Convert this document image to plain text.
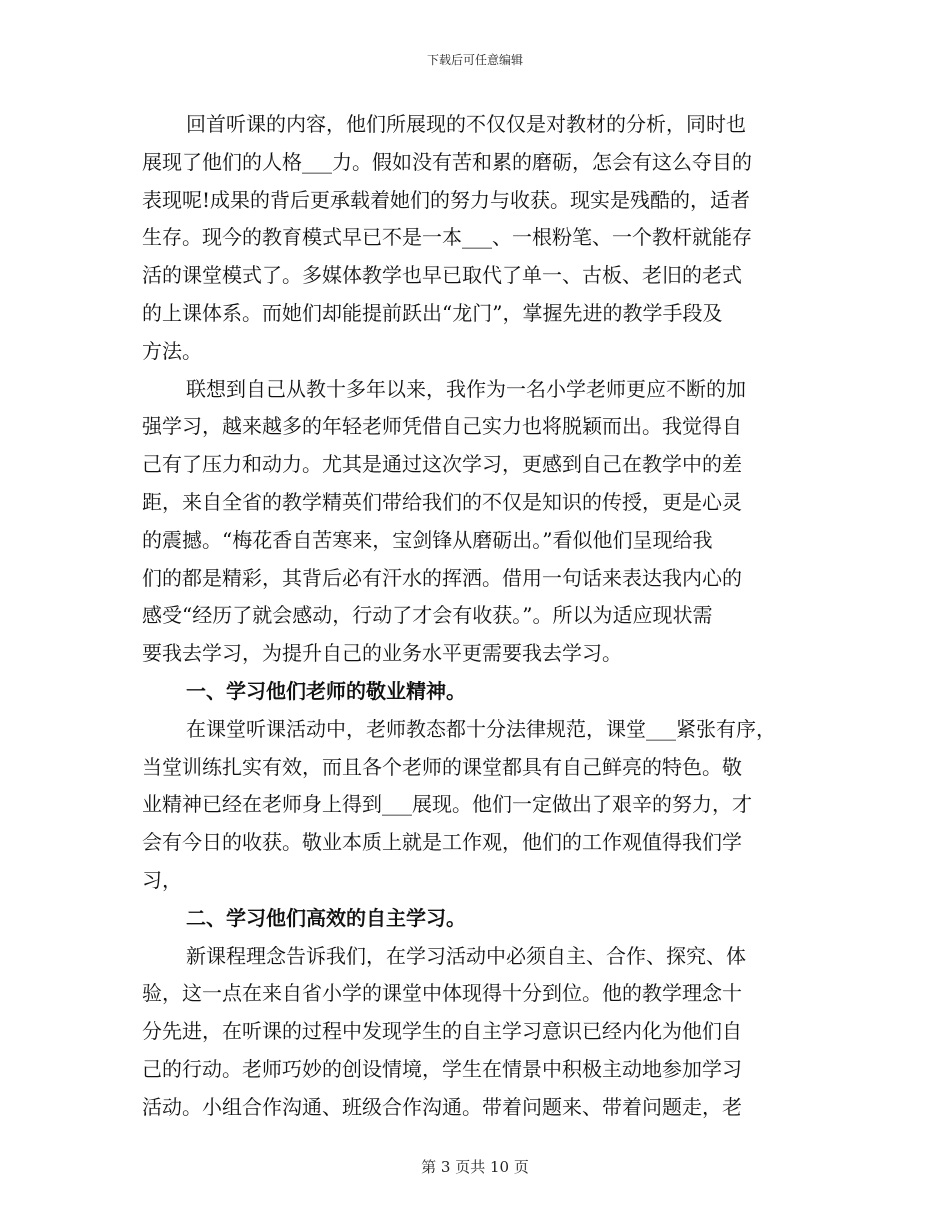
下载后可任意编辑
回首听课的内容，他们所展现的不仅仅是对教材的分析，同时也
展现了他们的人格___力。假如没有苦和累的磨砺，怎会有这么夺目的
表现呢!成果的背后更承载着她们的努力与收获。现实是残酷的，适者
生存。现今的教育模式早已不是一本___、一根粉笔、一个教杆就能存
活的课堂模式了。多媒体教学也早已取代了单一、古板、老旧的老式
的上课体系。而她们却能提前跃出“龙门”，掌握先进的教学手段及
方法。
联想到自己从教十多年以来，我作为一名小学老师更应不断的加
强学习，越来越多的年轻老师凭借自己实力也将脱颖而出。我觉得自
己有了压力和动力。尤其是通过这次学习，更感到自己在教学中的差
距，来自全省的教学精英们带给我们的不仅是知识的传授，更是心灵
的震撼。“梅花香自苦寒来，宝剑锋从磨砺出。”看似他们呈现给我
们的都是精彩，其背后必有汗水的挥洒。借用一句话来表达我内心的
感受“经历了就会感动，行动了才会有收获。”。所以为适应现状需
要我去学习，为提升自己的业务水平更需要我去学习。
一、学习他们老师的敬业精神。
在课堂听课活动中，老师教态都十分法律规范，课堂___紧张有序，
当堂训练扎实有效，而且各个老师的课堂都具有自己鲜亮的特色。敬
业精神已经在老师身上得到___展现。他们一定做出了艰辛的努力，才
会有今日的收获。敬业本质上就是工作观，他们的工作观值得我们学
习，
二、学习他们高效的自主学习。
新课程理念告诉我们，在学习活动中必须自主、合作、探究、体
验，这一点在来自省小学的课堂中体现得十分到位。他的教学理念十
分先进，在听课的过程中发现学生的自主学习意识已经内化为他们自
己的行动。老师巧妙的创设情境，学生在情景中积极主动地参加学习
活动。小组合作沟通、班级合作沟通。带着问题来、带着问题走，老
第 3 页共 10 页
